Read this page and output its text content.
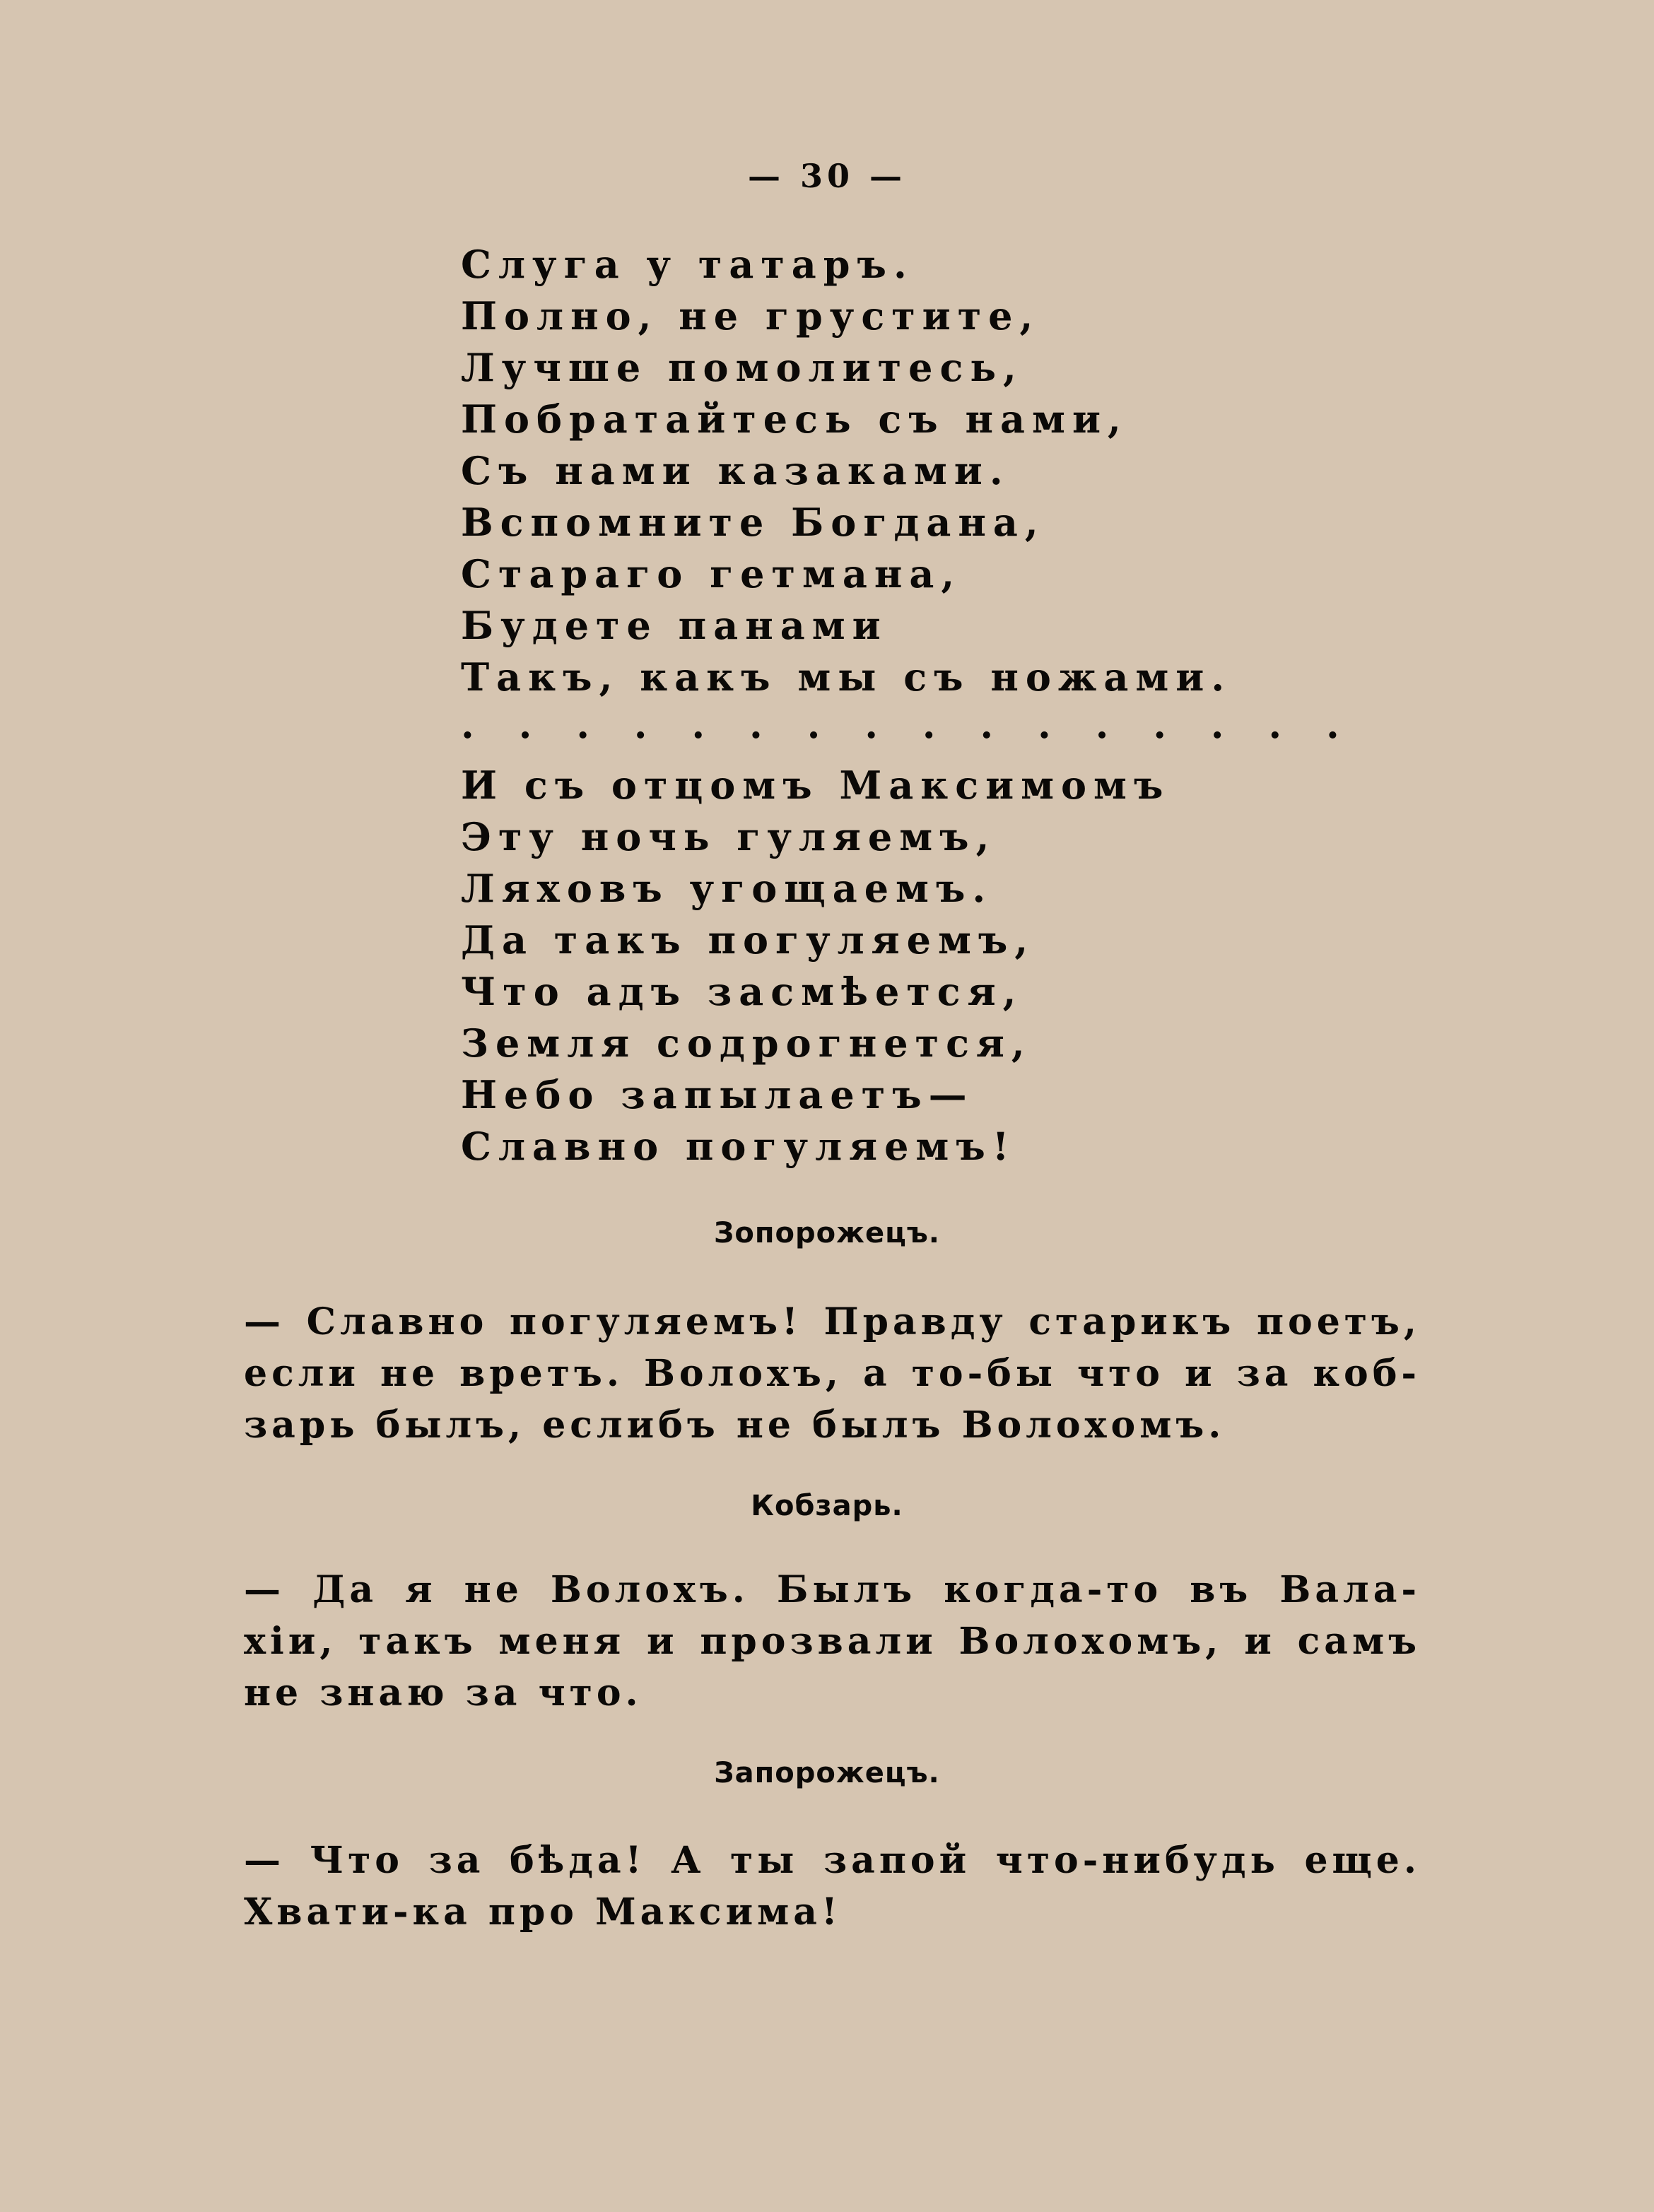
— 30 —
Слуга у татаръ.
Полно, не грустите,
Лучше помолитесь,
Побратайтесь съ нами,
Съ нами казаками.
Вспомните Богдана,
Стараго гетмана,
Будете панами
Такъ, какъ мы съ ножами.
. . . . . . . . . . . . . . . .
И съ отцомъ Максимомъ
Эту ночь гуляемъ,
Ляховъ угощаемъ.
Да такъ погуляемъ,
Что адъ засмѣется,
Земля содрогнется,
Небо запылаетъ—
Славно погуляемъ!
Зопорожецъ.
— Славно погуляемъ! Правду старикъ поетъ,
если не вретъ. Волохъ, а то-бы что и за коб-
зарь былъ, еслибъ не былъ Волохомъ.
Кобзарь.
— Да я не Волохъ. Былъ когда-то въ Вала-
хіи, такъ меня и прозвали Волохомъ, и самъ
не знаю за что.
Запорожецъ.
— Что за бѣда! А ты запой что-нибудь еще.
Хвати-ка про Максима!
